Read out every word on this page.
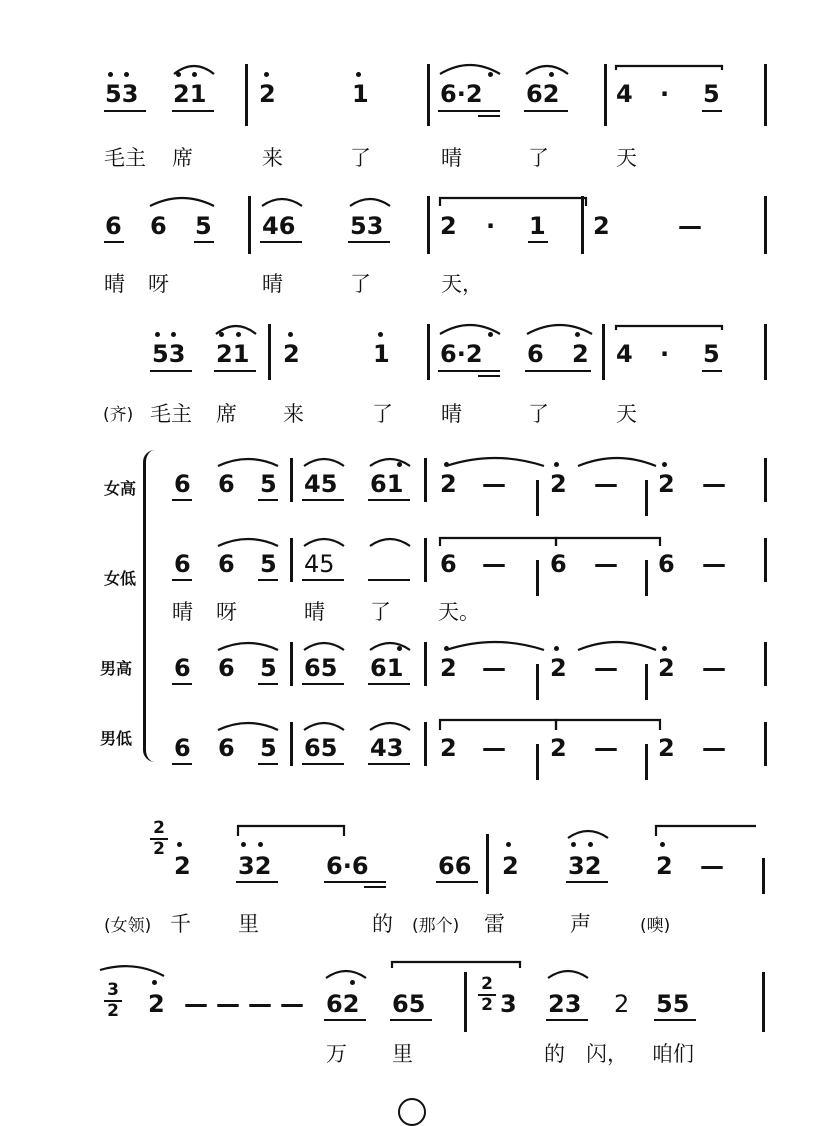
53 21 2	1	6·2 62 4 · 5
毛主 席	来	了	晴	了	天
6 6 5 46 53 2 · 1 2	—
晴 呀	晴	了	天，
53 21 2	1 6·2 6 2 4 · 5
(齐) 毛主 席 来	了 晴	了	天
女高
女低
男高
男低
6 6 5 45 61 2 — 2 — 2 —
6 6 5 45	6 — 6 — 6 —
晴 呀	晴 了 天。
6 6 5 65 61 2 — 2 — 2 —
6 6 5 65 43 2 — 2 — 2 —
2
2
2 32 6·6	66 2 32 2 —
(女领) 千 里	的 (那个) 雷	声	(噢)
3
2 2 — — — — 62 65
2
2 3 23 2 55
万 里	的 闪， 咱们
